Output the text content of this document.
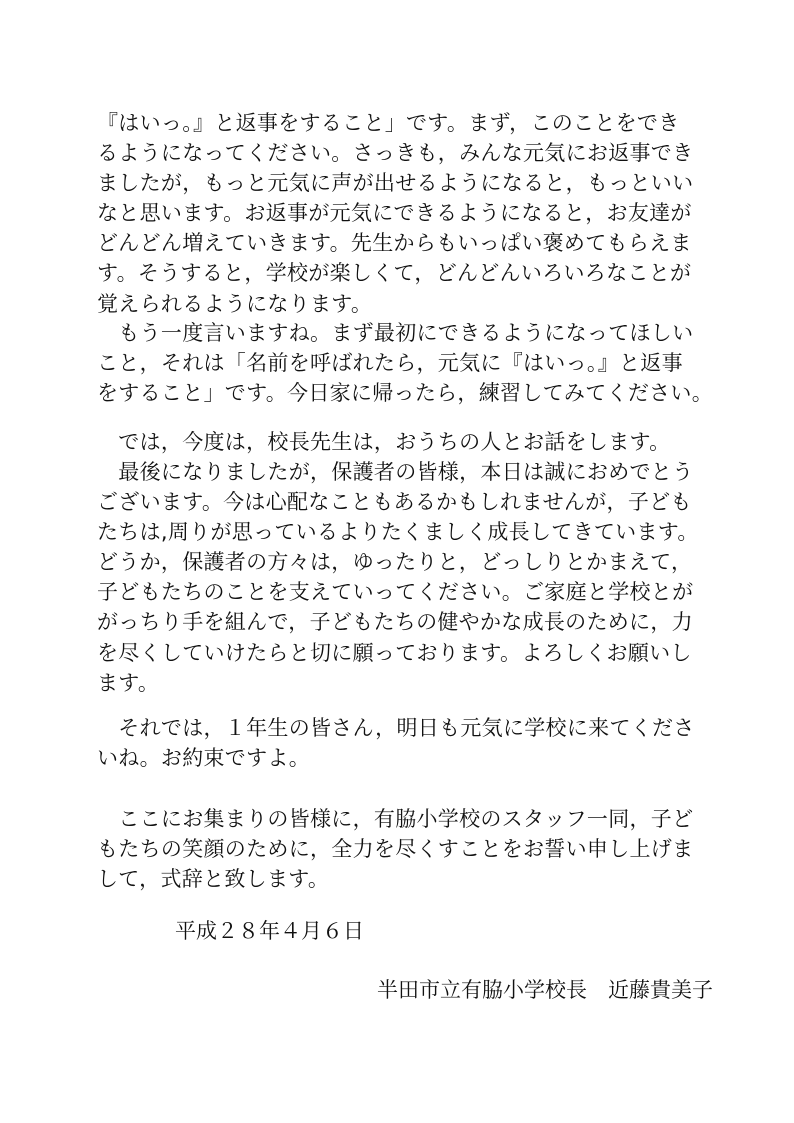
『はいっ。』と返事をすること」です。まず，このことをでき
るようになってください。さっきも，みんな元気にお返事でき
ましたが，もっと元気に声が出せるようになると，もっといい
なと思います。お返事が元気にできるようになると，お友達が
どんどん増えていきます。先生からもいっぱい褒めてもらえま
す。そうすると，学校が楽しくて，どんどんいろいろなことが
覚えられるようになります。
　もう一度言いますね。まず最初にできるようになってほしい
こと，それは「名前を呼ばれたら，元気に『はいっ。』と返事
をすること」です。今日家に帰ったら，練習してみてください。
　では，今度は，校長先生は，おうちの人とお話をします。
　最後になりましたが，保護者の皆様，本日は誠におめでとう
ございます。今は心配なこともあるかもしれませんが，子ども
たちは,周りが思っているよりたくましく成長してきています。
どうか，保護者の方々は，ゆったりと，どっしりとかまえて，
子どもたちのことを支えていってください。ご家庭と学校とが
がっちり手を組んで，子どもたちの健やかな成長のために，力
を尽くしていけたらと切に願っております。よろしくお願いし
ます。
　それでは，１年生の皆さん，明日も元気に学校に来てくださ
いね。お約束ですよ。
　ここにお集まりの皆様に，有脇小学校のスタッフ一同，子ど
もたちの笑顔のために，全力を尽くすことをお誓い申し上げま
して，式辞と致します。
平成２８年４月６日
半田市立有脇小学校長　近藤貴美子
